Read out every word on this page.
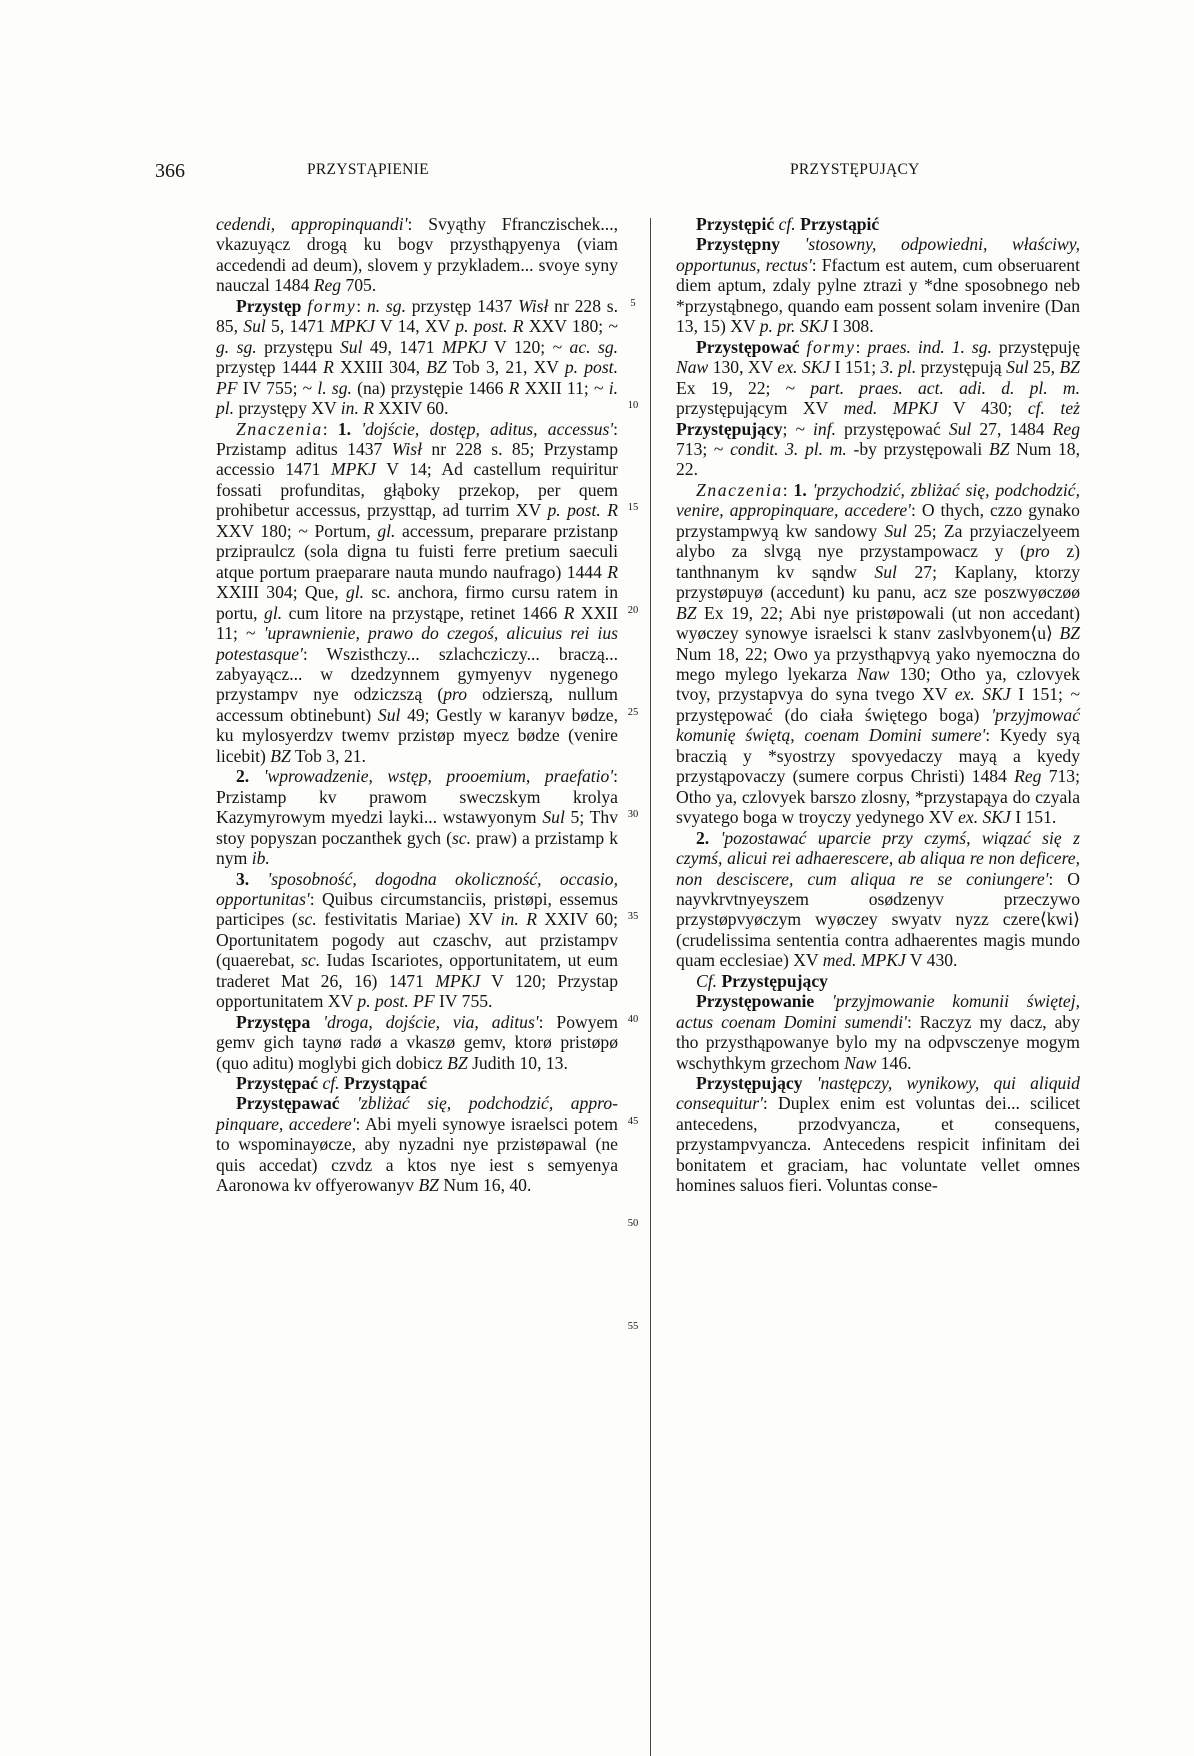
366	PRZYSTĄPIENIE	PRZYSTĘPUJĄCY

cedendi, appropinquandi': Svyąthy Ffranczischek..., vkazuyącz drogą ku bogv przysthąpyenya (viam accedendi ad deum), slovem y przykladem... svoye syny nauczal 1484 Reg 705.

Przystęp formy: n. sg. przystęp 1437 Wisł nr 228 s. 85, Sul 5, 1471 MPKJ V 14, XV p. post. R XXV 180; ~ g. sg. przystępu Sul 49, 1471 MPKJ V 120; ~ ac. sg. przystęp 1444 R XXIII 304, BZ Tob 3, 21, XV p. post. PF IV 755; ~ l. sg. (na) przystępie 1466 R XXII 11; ~ i. pl. przystępy XV in. R XXIV 60.

Znaczenia: 1. 'dojście, dostęp, aditus, accessus': Przistamp aditus 1437 Wisł nr 228 s. 85; Przystamp accessio 1471 MPKJ V 14; Ad castellum requiritur fossati profunditas, głąboky przekop, per quem prohibetur accessus, przysttąp, ad turrim XV p. post. R XXV 180; ~ Portum, gl. accessum, preparare przistanp przipraulcz (sola digna tu fuisti ferre pretium saeculi atque portum praeparare nauta mundo naufrago) 1444 R XXIII 304; Que, gl. sc. anchora, firmo cursu ratem in portu, gl. cum litore na przystąpe, retinet 1466 R XXII 11; ~ 'uprawnienie, prawo do czegoś, alicuius rei ius potestasque': Wszisthczy... szlachcziczy... braczą... zabyayącz... w dzedzynnem gymyenyv nygenego przystampv nye odziczszą (pro odzierszą, nullum accessum obtinebunt) Sul 49; Gestly w karanyv bødze, ku mylosyerdzv twemv przistøp myecz bødze (venire licebit) BZ Tob 3, 21.

2. 'wprowadzenie, wstęp, prooemium, praefatio': Przistamp kv prawom sweczskym krolya Kazymyrowym myedzi layki... wstawyonym Sul 5; Thv stoy popyszan poczanthek gych (sc. praw) a przistamp k nym ib.

3. 'sposobność, dogodna okoliczność, occasio, opportunitas': Quibus circumstanciis, pristøpi, essemus participes (sc. festivitatis Mariae) XV in. R XXIV 60; Oportunitatem pogody aut czaschv, aut przistampv (quaerebat, sc. Iudas Iscariotes, opportunitatem, ut eum traderet Mat 26, 16) 1471 MPKJ V 120; Przystap opportunitatem XV p. post. PF IV 755.

Przystępa 'droga, dojście, via, aditus': Powyem gemv gich taynø radø a vkaszø gemv, ktorø pristøpø (quo aditu) moglybi gich dobicz BZ Judith 10, 13.

Przystępać cf. Przystąpać

Przystępawać 'zbliżać się, podchodzić, appropinquare, accedere': Abi myeli synowye israelsci potem to wspominayøcze, aby nyzadni nye przistøpawal (ne quis accedat) czvdz a ktos nye iest s semyenya Aaronowa kv offyerowanyv BZ Num 16, 40.

5
10
15
20
25
30
35
40
45
50
55

Przystępić cf. Przystąpić

Przystępny 'stosowny, odpowiedni, właściwy, opportunus, rectus': Ffactum est autem, cum obseruarent diem aptum, zdaly pylne ztrazi y *dne sposobnego neb *przystąbnego, quando eam possent solam invenire (Dan 13, 15) XV p. pr. SKJ I 308.

Przystępować formy: praes. ind. 1. sg. przystępuję Naw 130, XV ex. SKJ I 151; 3. pl. przystępują Sul 25, BZ Ex 19, 22; ~ part. praes. act. adi. d. pl. m. przystępującym XV med. MPKJ V 430; cf. też Przystępujący; ~ inf. przystępować Sul 27, 1484 Reg 713; ~ condit. 3. pl. m. -by przystępowali BZ Num 18, 22.

Znaczenia: 1. 'przychodzić, zbliżać się, podchodzić, venire, appropinquare, accedere': O thych, czzo gynako przystampwyą kw sandowy Sul 25; Za przyiaczelyeem alybo za slvgą nye przystampowacz y (pro z) tanthnanym kv sąndw Sul 27; Kaplany, ktorzy przystøpuyø (accedunt) ku panu, acz sze poszwyøczøø BZ Ex 19, 22; Abi nye pristøpowali (ut non accedant) wyøczey synowye israelsci k stanv zaslvbyonem⟨u⟩ BZ Num 18, 22; Owo ya przysthąpvyą yako nyemoczna do mego mylego lyekarza Naw 130; Otho ya, czlovyek tvoy, przystapvya do syna tvego XV ex. SKJ I 151; ~ przystępować (do ciała świętego boga) 'przyjmować komunię świętą, coenam Domini sumere': Kyedy syą braczią y *syostrzy spovyedaczy mayą a kyedy przystąpovaczy (sumere corpus Christi) 1484 Reg 713; Otho ya, czlovyek barszo zlosny, *przystapąya do czyala svyatego boga w troyczy yedynego XV ex. SKJ I 151.

2. 'pozostawać uparcie przy czymś, wiązać się z czymś, alicui rei adhaerescere, ab aliqua re non deficere, non desciscere, cum aliqua re se coniungere': O nayvkrvtnyeyszem osødzenyv przeczywo przystøpvyøczym wyøczey swyatv nyzz czere⟨kwi⟩ (crudelissima sententia contra adhaerentes magis mundo quam ecclesiae) XV med. MPKJ V 430.

Cf. Przystępujący

Przystępowanie 'przyjmowanie komunii świętej, actus coenam Domini sumendi': Raczyz my dacz, aby tho przysthąpowanye bylo my na odpvsczenye mogym wschythkym grzechom Naw 146.

Przystępujący 'następczy, wynikowy, qui aliquid consequitur': Duplex enim est voluntas dei... scilicet antecedens, przodvyancza, et consequens, przystampvyancza. Antecedens respicit infinitam dei bonitatem et graciam, hac voluntate vellet omnes homines saluos fieri. Voluntas conse-
